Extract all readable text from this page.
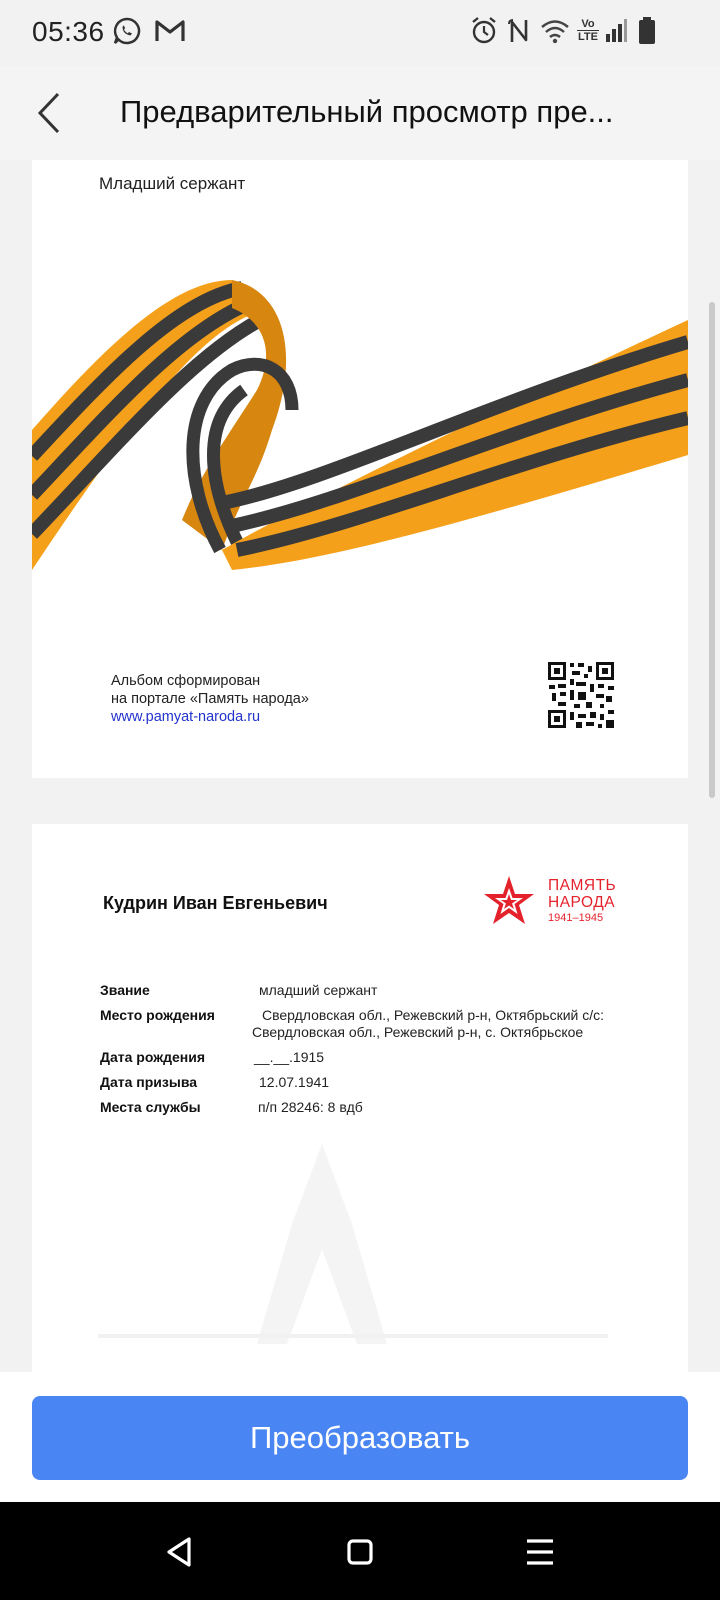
05:36	Vo
LTE
Предварительный просмотр пре...
Младший сержант
Альбом сформирован
на портале «Память народа»
www.pamyat-naroda.ru
Кудрин Иван Евгеньевич
ПАМЯТЬ
НАРОДА
1941–1945
Звание	младший сержант
Место рождения	Свердловская обл., Режевский р-н, Октябрьский с/с:
Свердловская обл., Режевский р-н, с. Октябрьское
Дата рождения	__.__.1915
Дата призыва	12.07.1941
Места службы	п/п 28246: 8 вдб
Преобразовать
